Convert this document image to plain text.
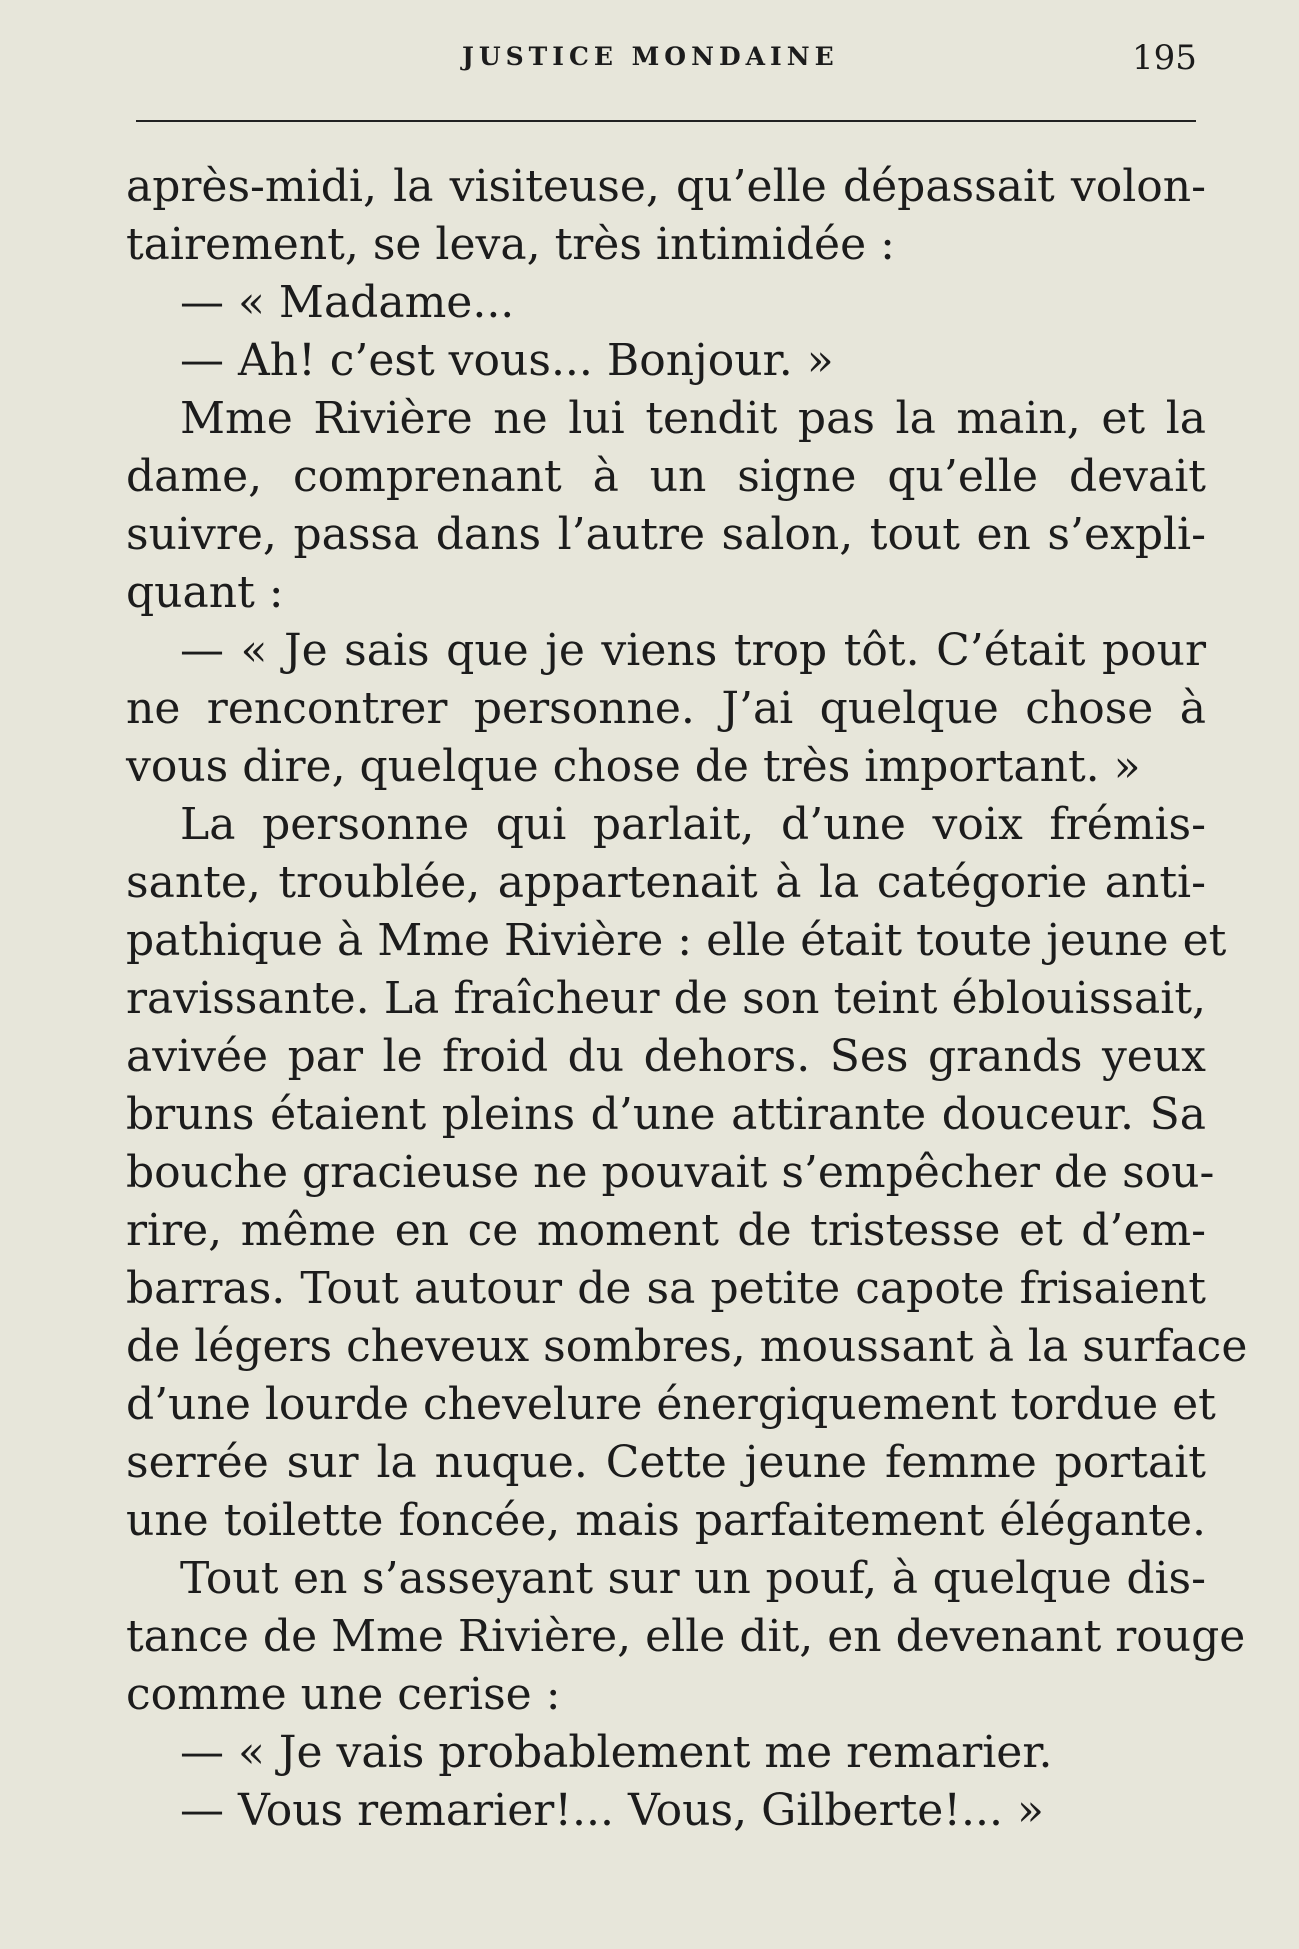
JUSTICE MONDAINE	195
après-midi, la visiteuse, qu’elle dépassait volon-
tairement, se leva, très intimidée :
— « Madame...
— Ah! c’est vous... Bonjour. »
Mme Rivière ne lui tendit pas la main, et la
dame, comprenant à un signe qu’elle devait
suivre, passa dans l’autre salon, tout en s’expli-
quant :
— « Je sais que je viens trop tôt. C’était pour
ne rencontrer personne. J’ai quelque chose à
vous dire, quelque chose de très important. »
La personne qui parlait, d’une voix frémis-
sante, troublée, appartenait à la catégorie anti-
pathique à Mme Rivière : elle était toute jeune et
ravissante. La fraîcheur de son teint éblouissait,
avivée par le froid du dehors. Ses grands yeux
bruns étaient pleins d’une attirante douceur. Sa
bouche gracieuse ne pouvait s’empêcher de sou-
rire, même en ce moment de tristesse et d’em-
barras. Tout autour de sa petite capote frisaient
de légers cheveux sombres, moussant à la surface
d’une lourde chevelure énergiquement tordue et
serrée sur la nuque. Cette jeune femme portait
une toilette foncée, mais parfaitement élégante.
Tout en s’asseyant sur un pouf, à quelque dis-
tance de Mme Rivière, elle dit, en devenant rouge
comme une cerise :
— « Je vais probablement me remarier.
— Vous remarier!... Vous, Gilberte!... »
